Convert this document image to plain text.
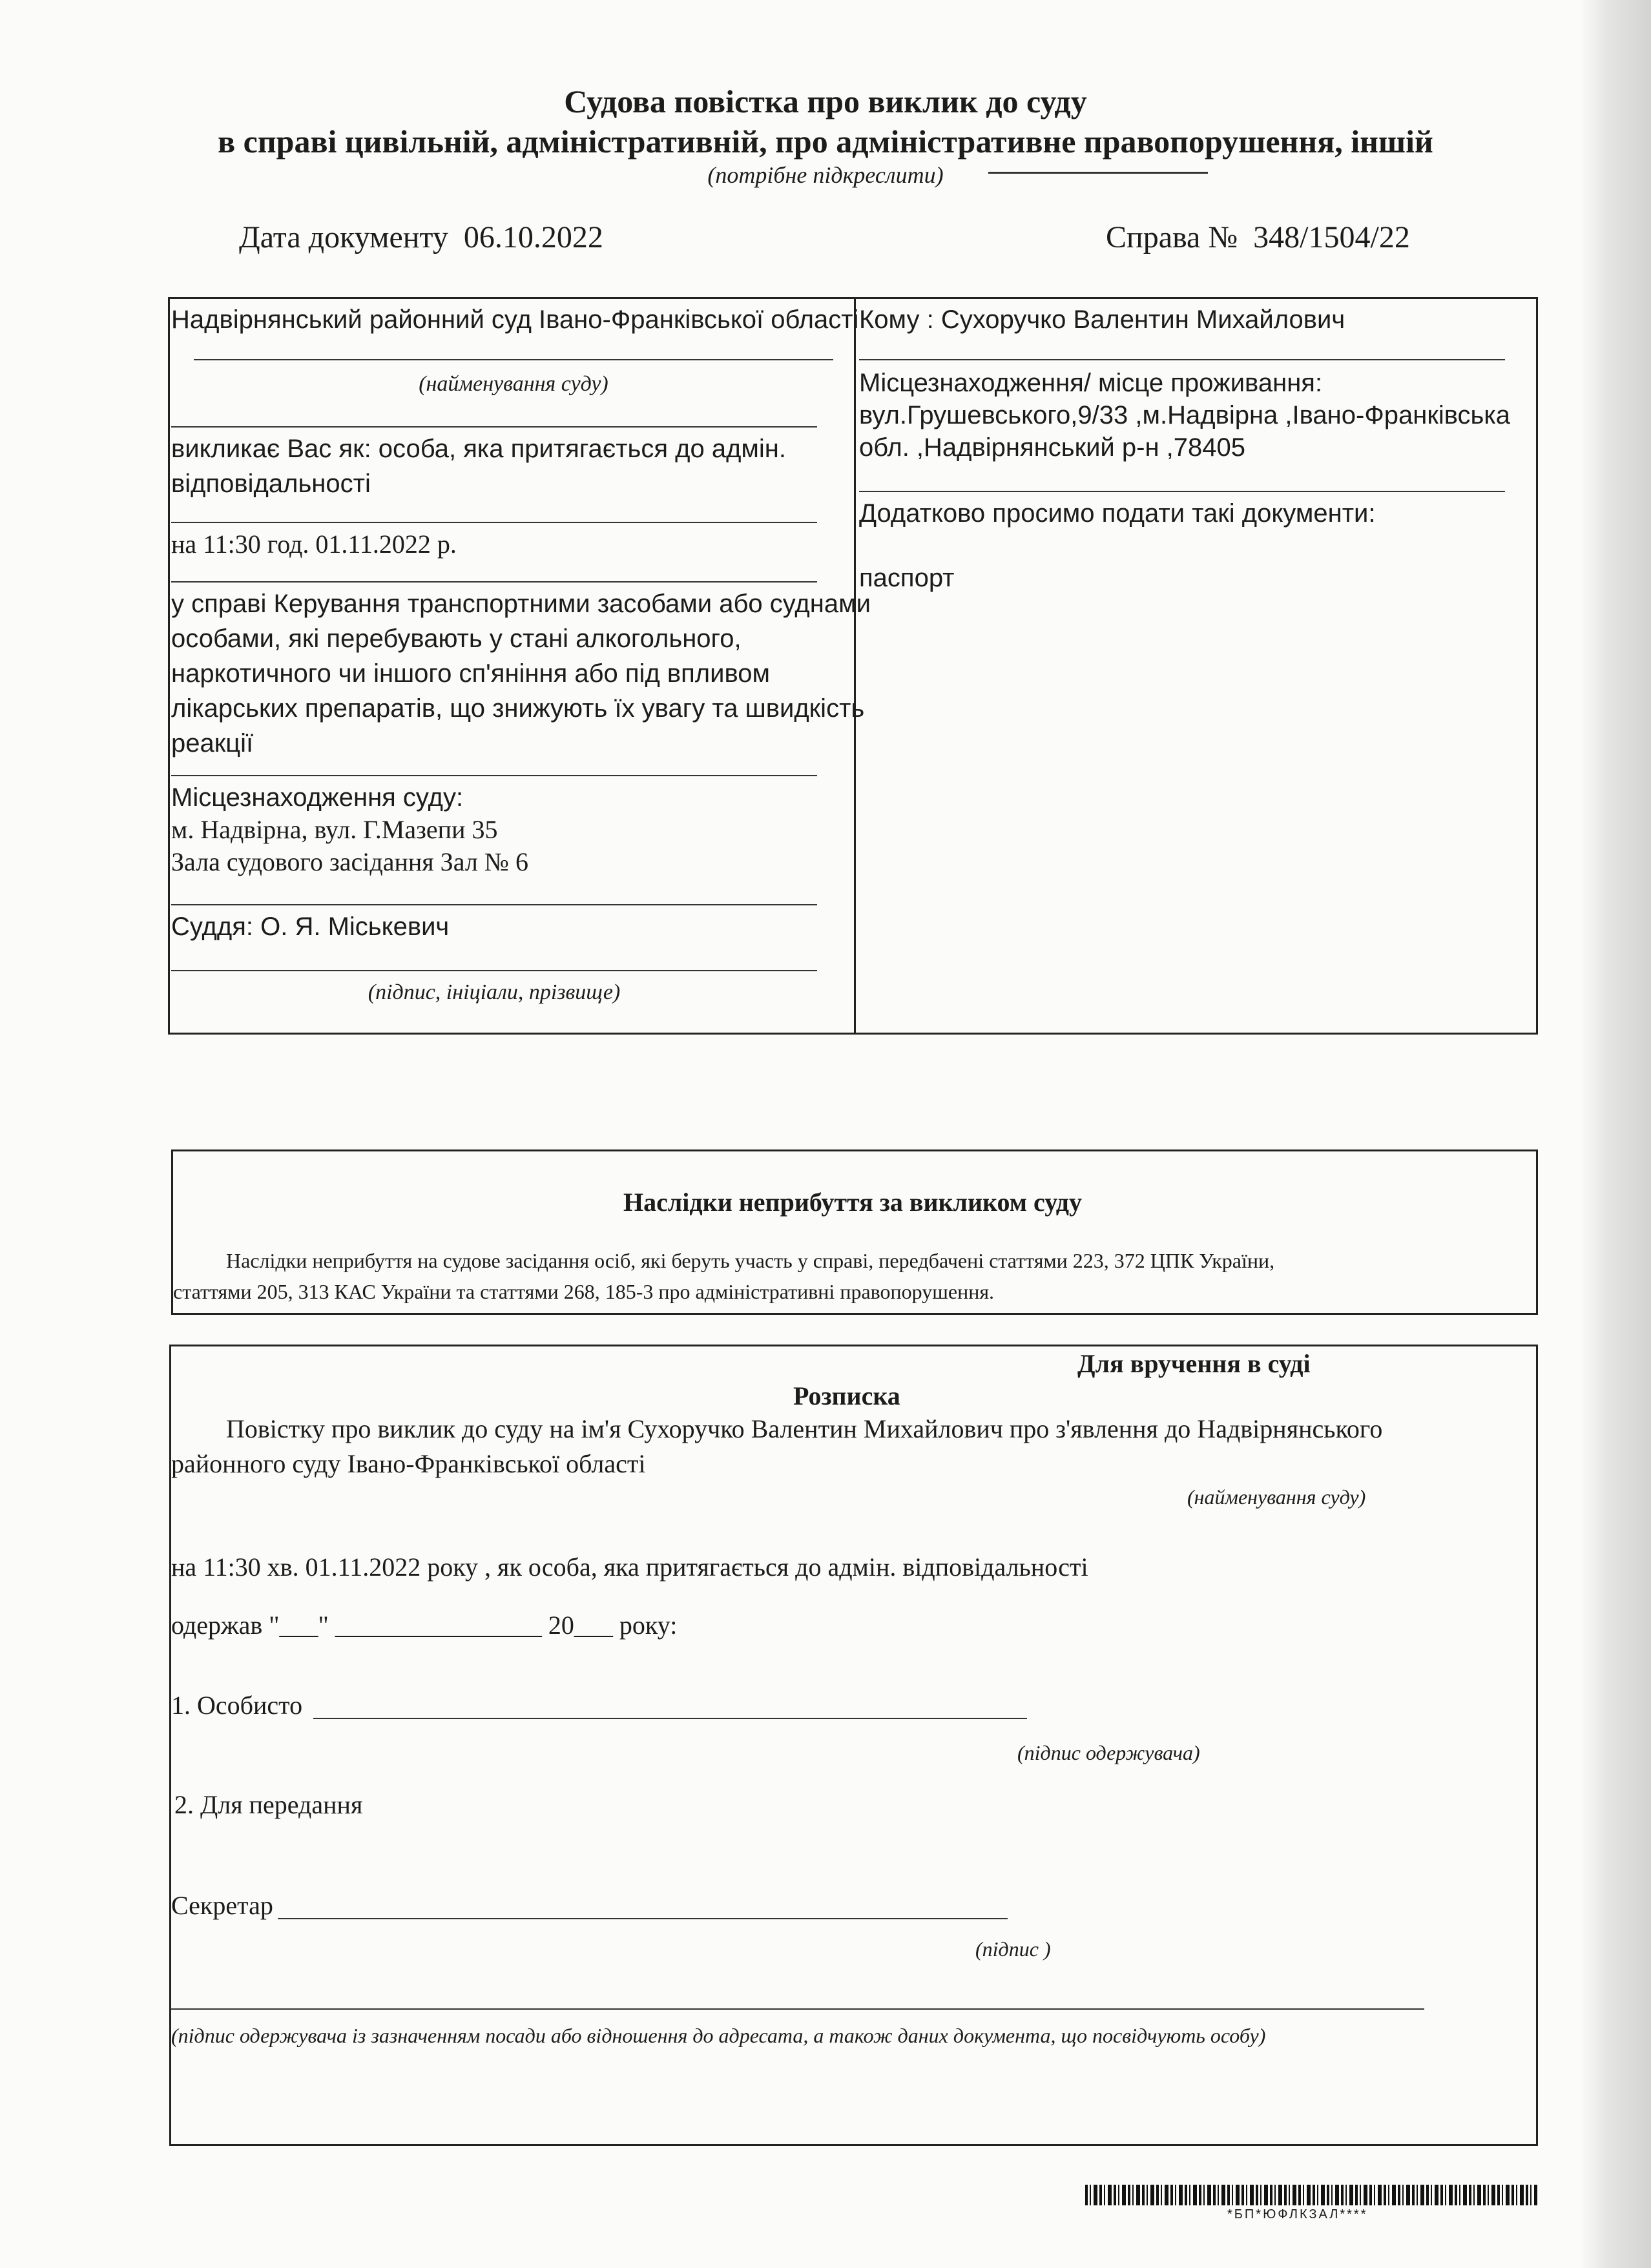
Судова повістка про виклик до суду
в справі цивільній, адміністративній, про адміністративне правопорушення, іншій
(потрібне підкреслити)
Дата документу 06.10.2022	Справа № 348/1504/22
Надвірнянський районний суд Івано-Франківської області
(найменування суду)
викликає Вас як: особа, яка притягається до адмін.
відповідальності
на 11:30 год. 01.11.2022 р.
у справі Керування транспортними засобами або суднами
особами, які перебувають у стані алкогольного,
наркотичного чи іншого сп'яніння або під впливом
лікарських препаратів, що знижують їх увагу та швидкість
реакції
Місцезнаходження суду:
м. Надвірна, вул. Г.Мазепи 35
Зала судового засідання Зал № 6
Суддя: О. Я. Міськевич
(підпис, ініціали, прізвище)
Кому : Сухоручко Валентин Михайлович
Місцезнаходження/ місце проживання:
вул.Грушевського,9/33 ,м.Надвірна ,Івано-Франківська
обл. ,Надвірнянський р-н ,78405
Додатково просимо подати такі документи:
паспорт
Наслідки неприбуття за викликом суду
Наслідки неприбуття на судове засідання осіб, які беруть участь у справі, передбачені статтями 223, 372 ЦПК України,
статтями 205, 313 КАС України та статтями 268, 185-3 про адміністративні правопорушення.
Для вручення в суді
Розписка
Повістку про виклик до суду на ім'я Сухоручко Валентин Михайлович про з'явлення до Надвірнянського
районного суду Івано-Франківської області
(найменування суду)
на 11:30 хв. 01.11.2022 року , як особа, яка притягається до адмін. відповідальності
одержав "___" ________________ 20___ року:
1. Особисто
(підпис одержувача)
2. Для передання
Секретар
(підпис )
(підпис одержувача із зазначенням посади або відношення до адресата, а також даних документа, що посвідчують особу)
*БП*ЮФЛКЗАЛ****
